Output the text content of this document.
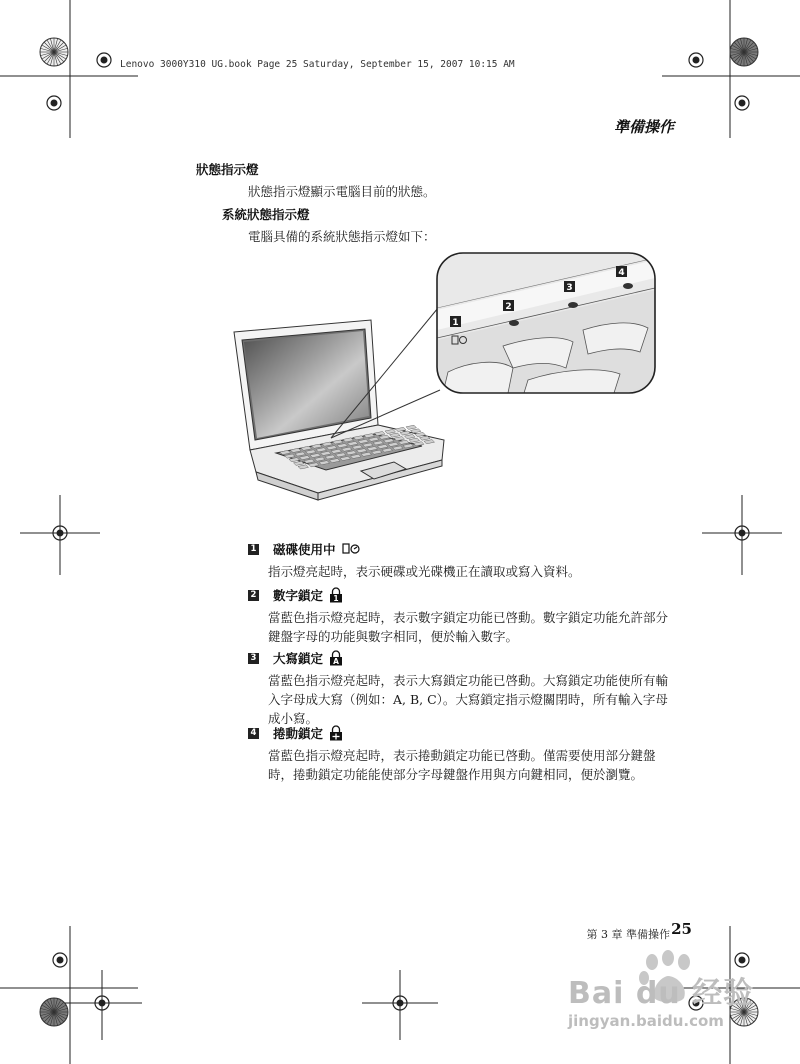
Lenovo 3000Y310 UG.book Page 25 Saturday, September 15, 2007 10:15 AM
準備操作
狀態指示燈
狀態指示燈顯示電腦目前的狀態。
系統狀態指示燈
電腦具備的系統狀態指示燈如下：
1
2
3
4
1 磁碟使用中
指示燈亮起時，表示硬碟或光碟機正在讀取或寫入資料。
2 數字鎖定 1
當藍色指示燈亮起時，表示數字鎖定功能已啓動。數字鎖定功能允許部分
鍵盤字母的功能與數字相同，便於輸入數字。
3 大寫鎖定 A
當藍色指示燈亮起時，表示大寫鎖定功能已啓動。大寫鎖定功能使所有輸
入字母成大寫（例如：A, B, C）。大寫鎖定指示燈關閉時，所有輸入字母
成小寫。
4 捲動鎖定
當藍色指示燈亮起時，表示捲動鎖定功能已啓動。僅需要使用部分鍵盤
時，捲動鎖定功能能使部分字母鍵盤作用與方向鍵相同，便於瀏覽。
第 3 章 準備操作 25
Bai du 经验
jingyan.baidu.com
